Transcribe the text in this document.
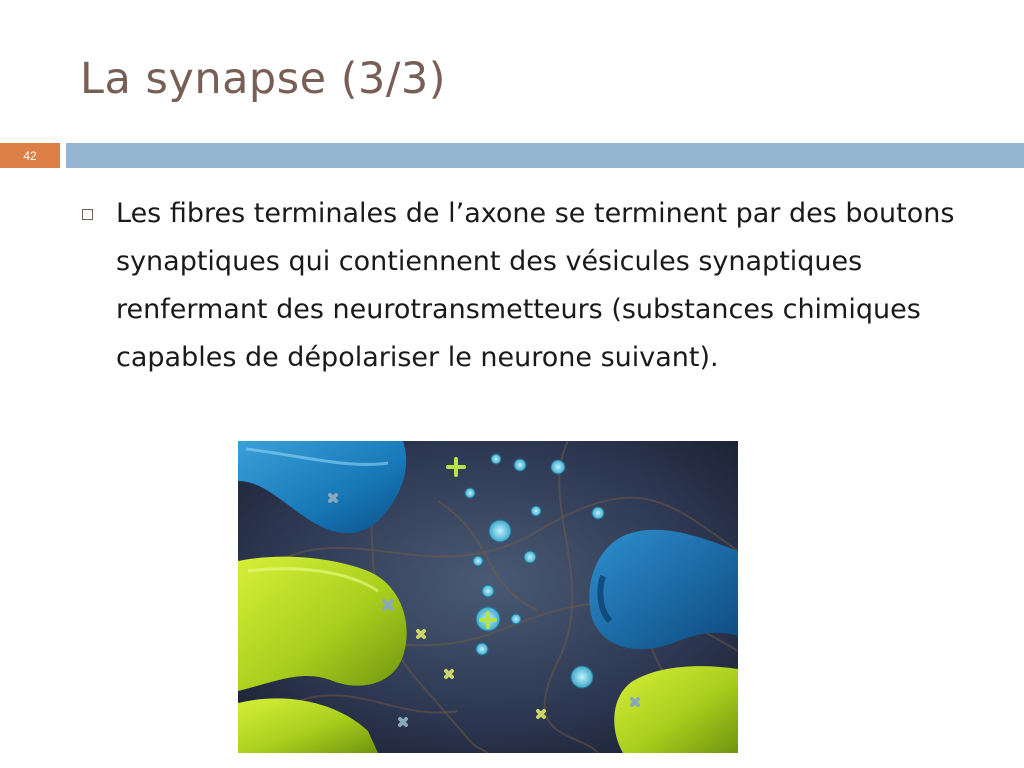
La synapse (3/3)
42
Les fibres terminales de l’axone se terminent par des boutons synaptiques qui contiennent des vésicules synaptiques renfermant des neurotransmetteurs (substances chimiques capables de dépolariser le neurone suivant).
